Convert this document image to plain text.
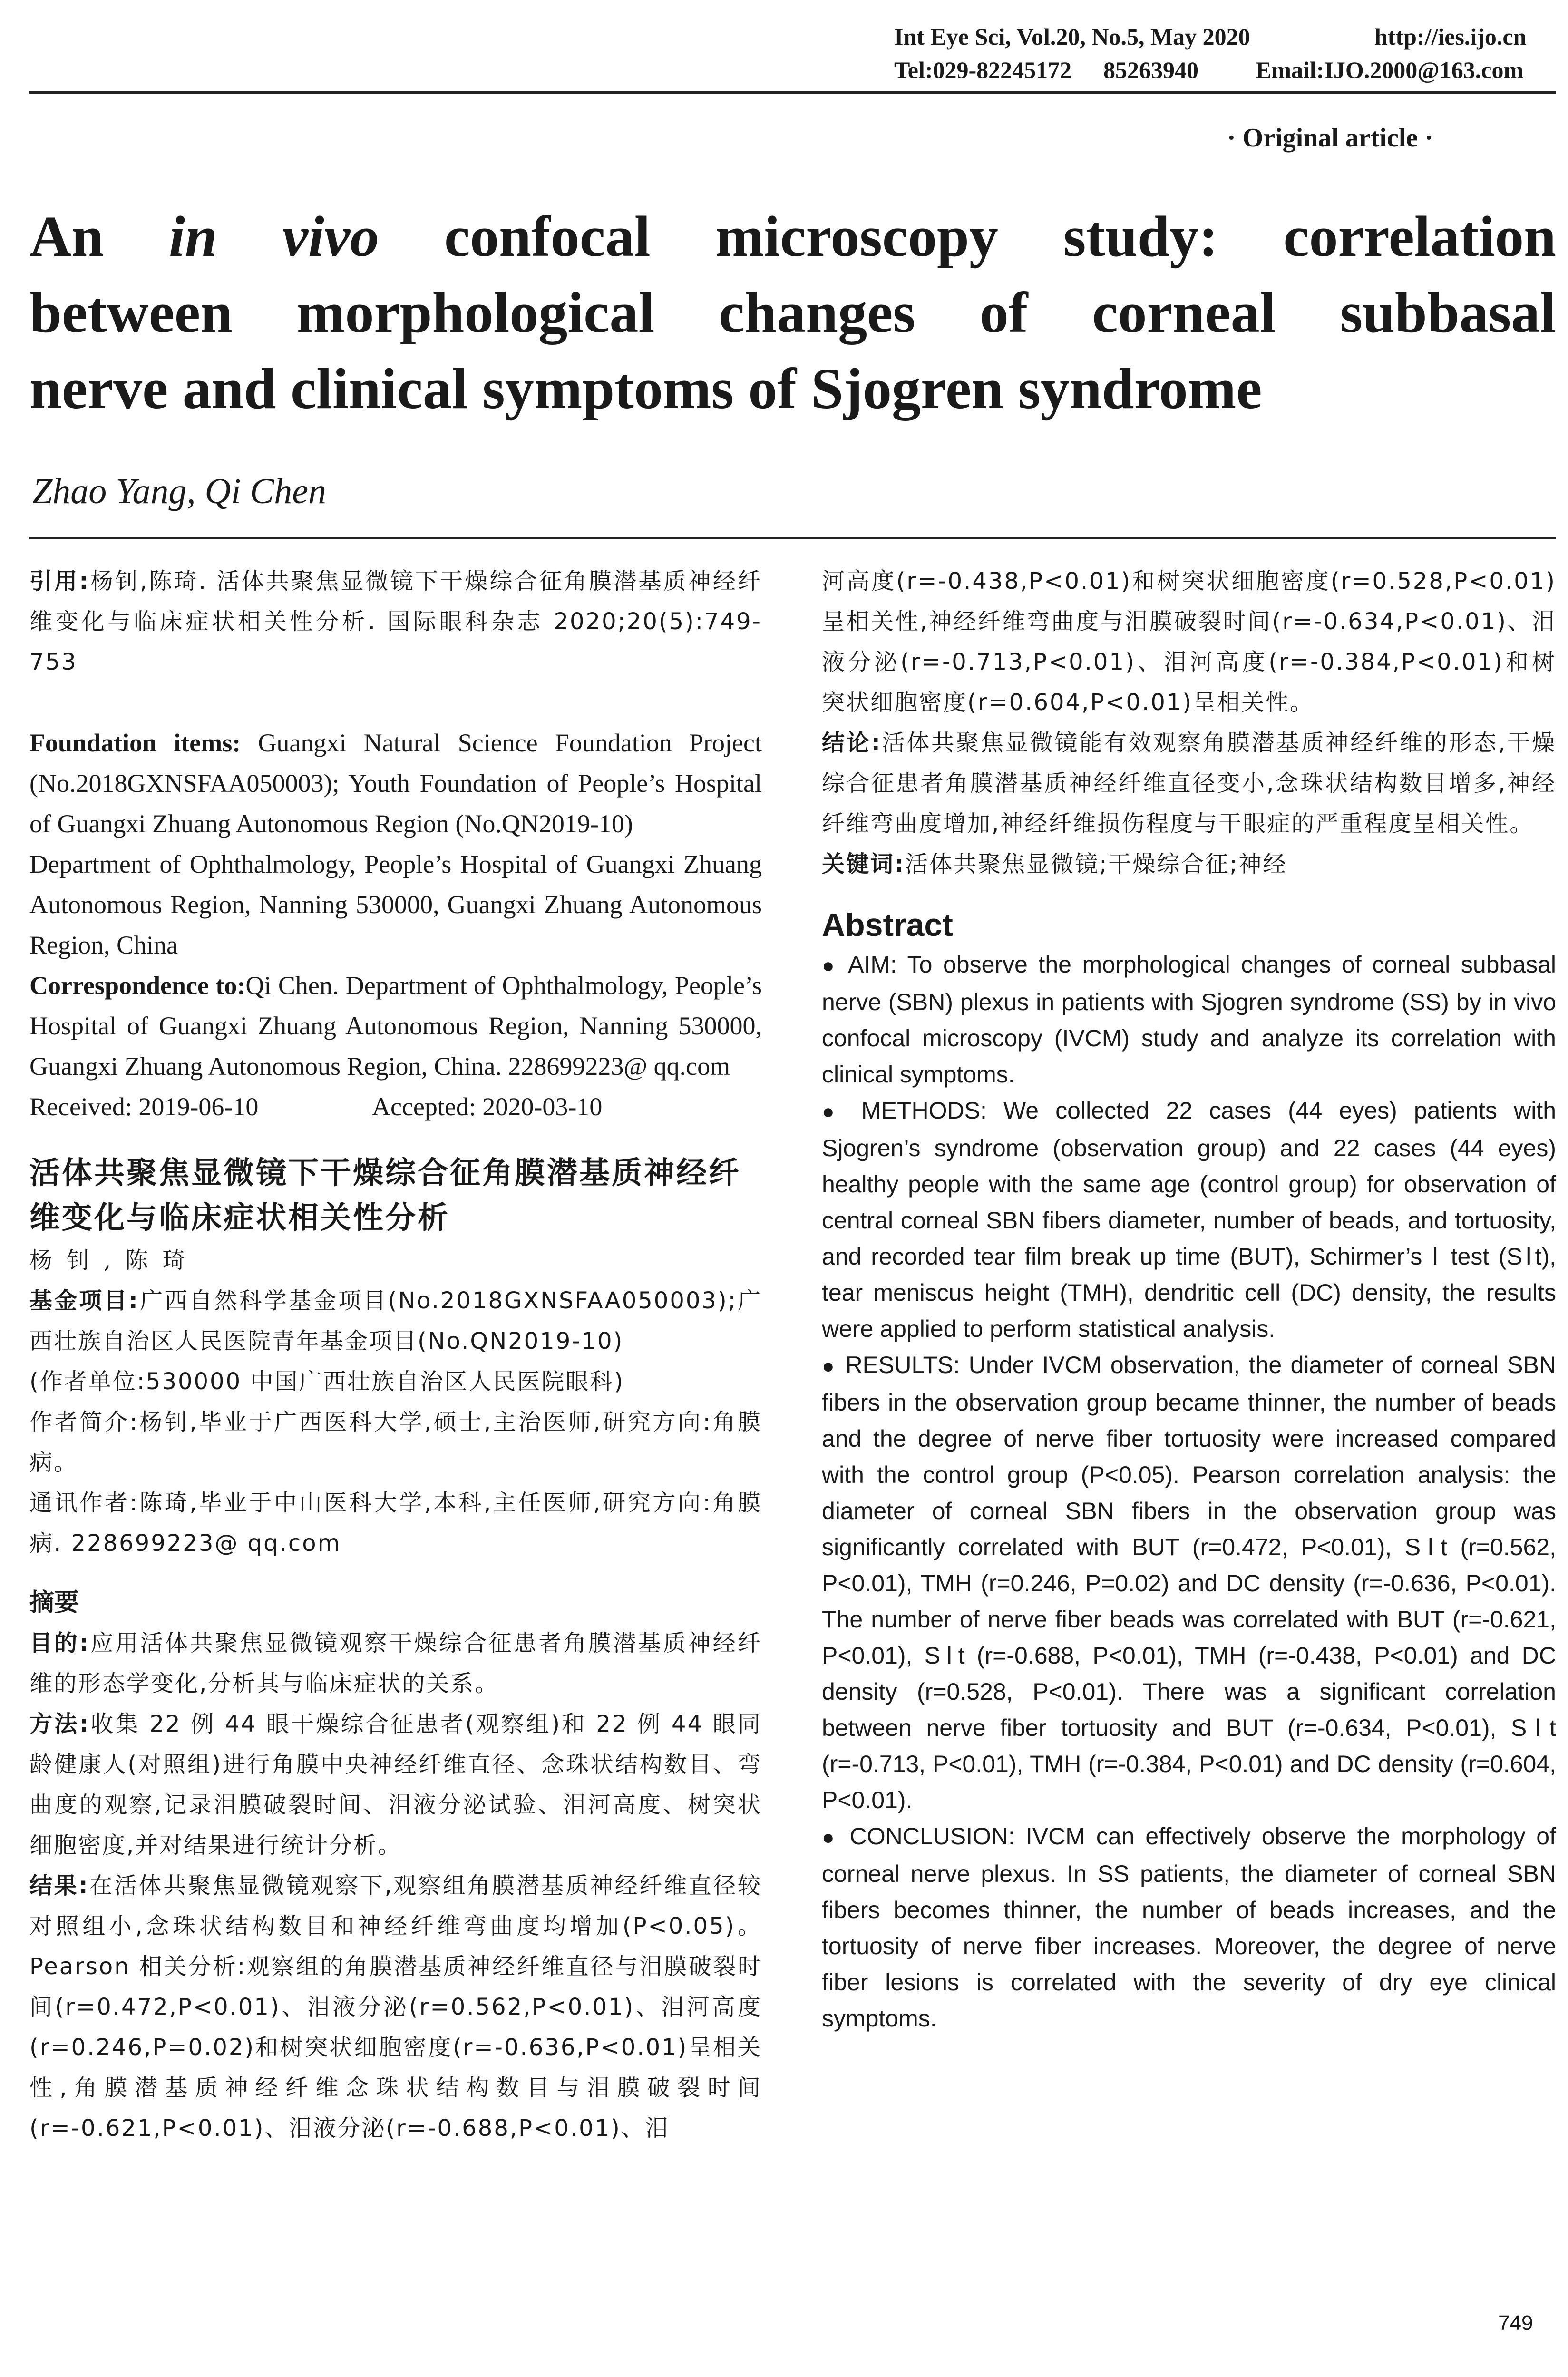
Int Eye Sci, Vol.20, No.5, May 2020	http://ies.ijo.cn
Tel:029-82245172 85263940 Email:IJO.2000@163.com
· Original article ·
An in vivo confocal microscopy study: correlation
between morphological changes of corneal subbasal
nerve and clinical symptoms of Sjogren syndrome
Zhao Yang, Qi Chen

引用:杨钊,陈琦. 活体共聚焦显微镜下干燥综合征角膜潜基质神经纤维变化与临床症状相关性分析. 国际眼科杂志 2020;20(5):749-753

Foundation items: Guangxi Natural Science Foundation Project (No.2018GXNSFAA050003); Youth Foundation of People’s Hospital of Guangxi Zhuang Autonomous Region (No.QN2019-10)

Department of Ophthalmology, People’s Hospital of Guangxi Zhuang Autonomous Region, Nanning 530000, Guangxi Zhuang Autonomous Region, China

Correspondence to:Qi Chen. Department of Ophthalmology, People’s Hospital of Guangxi Zhuang Autonomous Region, Nanning 530000, Guangxi Zhuang Autonomous Region, China. 228699223@ qq.com

Received: 2019-06-10	Accepted: 2020-03-10

活体共聚焦显微镜下干燥综合征角膜潜基质神经纤维变化与临床症状相关性分析
杨钊,陈琦

基金项目:广西自然科学基金项目(No.2018GXNSFAA050003);广西壮族自治区人民医院青年基金项目(No.QN2019-10)

(作者单位:530000 中国广西壮族自治区人民医院眼科)

作者简介:杨钊,毕业于广西医科大学,硕士,主治医师,研究方向:角膜病。

通讯作者:陈琦,毕业于中山医科大学,本科,主任医师,研究方向:角膜病. 228699223@ qq.com

摘要

目的:应用活体共聚焦显微镜观察干燥综合征患者角膜潜基质神经纤维的形态学变化,分析其与临床症状的关系。

方法:收集 22 例 44 眼干燥综合征患者(观察组)和 22 例 44 眼同龄健康人(对照组)进行角膜中央神经纤维直径、念珠状结构数目、弯曲度的观察,记录泪膜破裂时间、泪液分泌试验、泪河高度、树突状细胞密度,并对结果进行统计分析。

结果:在活体共聚焦显微镜观察下,观察组角膜潜基质神经纤维直径较对照组小,念珠状结构数目和神经纤维弯曲度均增加(P<0.05)。Pearson 相关分析:观察组的角膜潜基质神经纤维直径与泪膜破裂时间(r=0.472,P<0.01)、泪液分泌(r=0.562,P<0.01)、泪河高度(r=0.246,P=0.02)和树突状细胞密度(r=-0.636,P<0.01)呈相关性,角膜潜基质神经纤维念珠状结构数目与泪膜破裂时间(r=-0.621,P<0.01)、泪液分泌(r=-0.688,P<0.01)、泪

河高度(r=-0.438,P<0.01)和树突状细胞密度(r=0.528,P<0.01)呈相关性,神经纤维弯曲度与泪膜破裂时间(r=-0.634,P<0.01)、泪液分泌(r=-0.713,P<0.01)、泪河高度(r=-0.384,P<0.01)和树突状细胞密度(r=0.604,P<0.01)呈相关性。

结论:活体共聚焦显微镜能有效观察角膜潜基质神经纤维的形态,干燥综合征患者角膜潜基质神经纤维直径变小,念珠状结构数目增多,神经纤维弯曲度增加,神经纤维损伤程度与干眼症的严重程度呈相关性。

关键词:活体共聚焦显微镜;干燥综合征;神经

Abstract

● AIM: To observe the morphological changes of corneal subbasal nerve (SBN) plexus in patients with Sjogren syndrome (SS) by in vivo confocal microscopy (IVCM) study and analyze its correlation with clinical symptoms.

● METHODS: We collected 22 cases (44 eyes) patients with Sjogren’s syndrome (observation group) and 22 cases (44 eyes) healthy people with the same age (control group) for observation of central corneal SBN fibers diameter, number of beads, and tortuosity, and recorded tear film break up time (BUT), Schirmer’s Ⅰ test (SⅠt), tear meniscus height (TMH), dendritic cell (DC) density, the results were applied to perform statistical analysis.

● RESULTS: Under IVCM observation, the diameter of corneal SBN fibers in the observation group became thinner, the number of beads and the degree of nerve fiber tortuosity were increased compared with the control group (P<0.05). Pearson correlation analysis: the diameter of corneal SBN fibers in the observation group was significantly correlated with BUT (r=0.472, P<0.01), SⅠt (r=0.562, P<0.01), TMH (r=0.246, P=0.02) and DC density (r=-0.636, P<0.01). The number of nerve fiber beads was correlated with BUT (r=-0.621, P<0.01), SⅠt (r=-0.688, P<0.01), TMH (r=-0.438, P<0.01) and DC density (r=0.528, P<0.01). There was a significant correlation between nerve fiber tortuosity and BUT (r=-0.634, P<0.01), SⅠt (r=-0.713, P<0.01), TMH (r=-0.384, P<0.01) and DC density (r=0.604, P<0.01).

● CONCLUSION: IVCM can effectively observe the morphology of corneal nerve plexus. In SS patients, the diameter of corneal SBN fibers becomes thinner, the number of beads increases, and the tortuosity of nerve fiber increases. Moreover, the degree of nerve fiber lesions is correlated with the severity of dry eye clinical symptoms.

749
